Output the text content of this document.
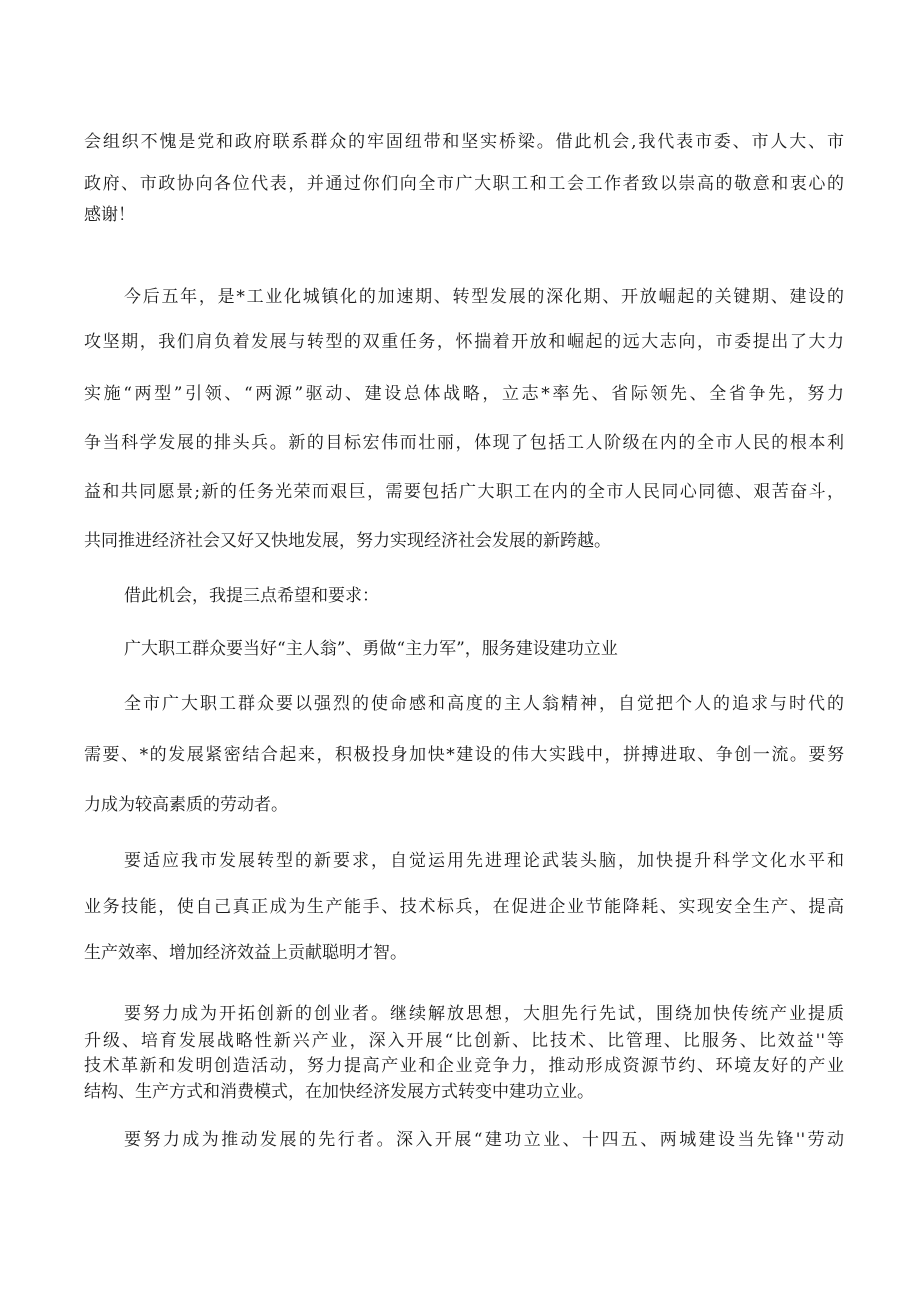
会组织不愧是党和政府联系群众的牢固纽带和坚实桥梁。借此机会,我代表市委、市人大、市
政府、市政协向各位代表，并通过你们向全市广大职工和工会工作者致以崇高的敬意和衷心的
感谢！
今后五年，是*工业化城镇化的加速期、转型发展的深化期、开放崛起的关键期、建设的
攻坚期，我们肩负着发展与转型的双重任务，怀揣着开放和崛起的远大志向，市委提出了大力
实施“两型”引领、“两源”驱动、建设总体战略，立志*率先、省际领先、全省争先，努力
争当科学发展的排头兵。新的目标宏伟而壮丽，体现了包括工人阶级在内的全市人民的根本利
益和共同愿景;新的任务光荣而艰巨，需要包括广大职工在内的全市人民同心同德、艰苦奋斗，
共同推进经济社会又好又快地发展，努力实现经济社会发展的新跨越。
借此机会，我提三点希望和要求：
广大职工群众要当好“主人翁”、勇做“主力军”，服务建设建功立业
全市广大职工群众要以强烈的使命感和高度的主人翁精神，自觉把个人的追求与时代的
需要、*的发展紧密结合起来，积极投身加快*建设的伟大实践中，拼搏进取、争创一流。要努
力成为较高素质的劳动者。
要适应我市发展转型的新要求，自觉运用先进理论武装头脑，加快提升科学文化水平和
业务技能，使自己真正成为生产能手、技术标兵，在促进企业节能降耗、实现安全生产、提高
生产效率、增加经济效益上贡献聪明才智。
要努力成为开拓创新的创业者。继续解放思想，大胆先行先试，围绕加快传统产业提质
升级、培育发展战略性新兴产业，深入开展“比创新、比技术、比管理、比服务、比效益''等
技术革新和发明创造活动，努力提高产业和企业竞争力，推动形成资源节约、环境友好的产业
结构、生产方式和消费模式，在加快经济发展方式转变中建功立业。
要努力成为推动发展的先行者。深入开展“建功立业、十四五、两城建设当先锋''劳动
